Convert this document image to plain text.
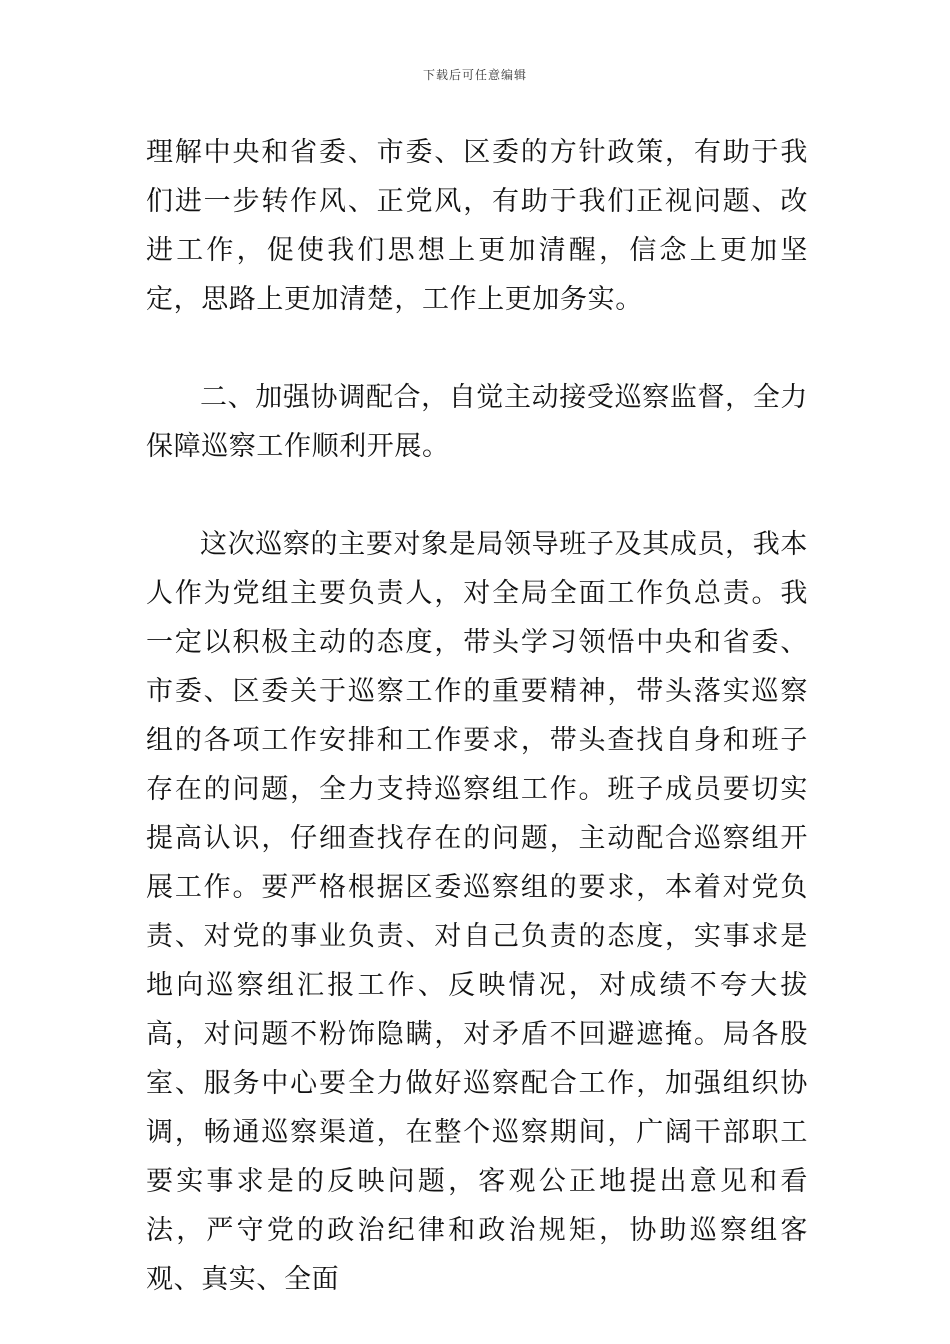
下载后可任意编辑

理解中央和省委、市委、区委的方针政策，有助于我们进一步转作风、正党风，有助于我们正视问题、改进工作，促使我们思想上更加清醒，信念上更加坚定，思路上更加清楚，工作上更加务实。

二、加强协调配合，自觉主动接受巡察监督，全力保障巡察工作顺利开展。

这次巡察的主要对象是局领导班子及其成员，我本人作为党组主要负责人，对全局全面工作负总责。我一定以积极主动的态度，带头学习领悟中央和省委、市委、区委关于巡察工作的重要精神，带头落实巡察组的各项工作安排和工作要求，带头查找自身和班子存在的问题，全力支持巡察组工作。班子成员要切实提高认识，仔细查找存在的问题，主动配合巡察组开展工作。要严格根据区委巡察组的要求，本着对党负责、对党的事业负责、对自己负责的态度，实事求是地向巡察组汇报工作、反映情况，对成绩不夸大拔高，对问题不粉饰隐瞒，对矛盾不回避遮掩。局各股室、服务中心要全力做好巡察配合工作，加强组织协调，畅通巡察渠道，在整个巡察期间，广阔干部职工要实事求是的反映问题，客观公正地提出意见和看法，严守党的政治纪律和政治规矩，协助巡察组客观、真实、全面
